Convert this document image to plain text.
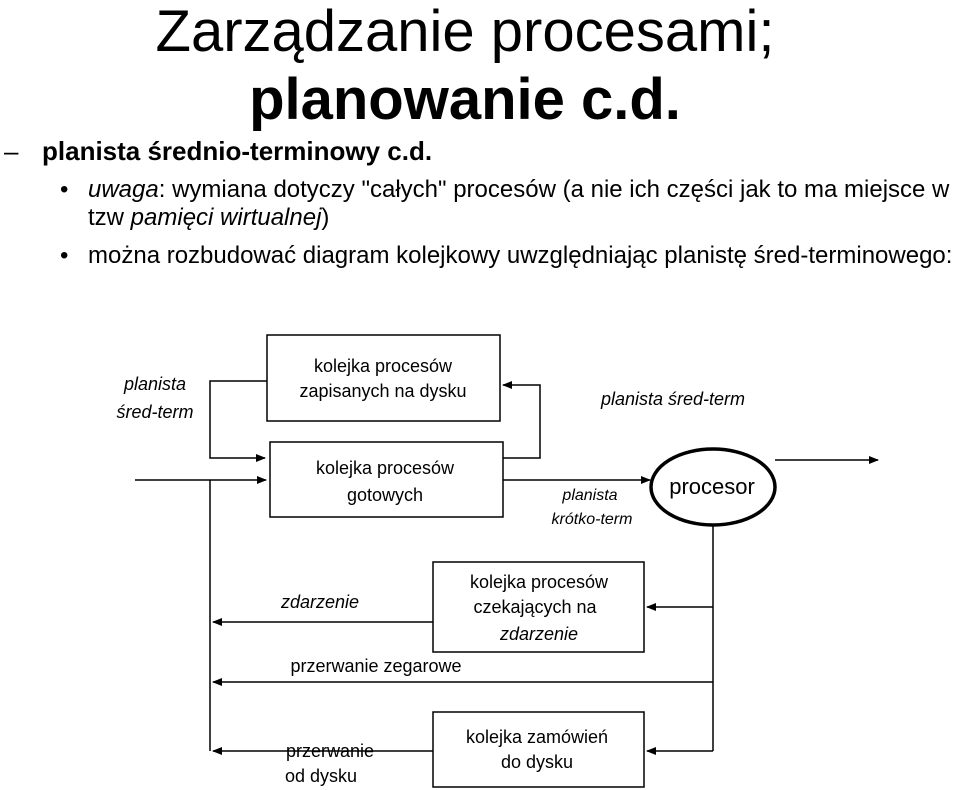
Zarządzanie procesami;
planowanie c.d.
– planista średnio-terminowy c.d.
• uwaga: wymiana dotyczy "całych" procesów (a nie ich części jak to ma miejsce w tzw pamięci wirtualnej)
• można rozbudować diagram kolejkowy uwzględniając planistę śred-terminowego:
planista
śred-term
kolejka procesów
zapisanych na dysku	planista śred-term
kolejka procesów
gotowych	planista
krótko-term
procesor
zdarzenie
kolejka procesów
czekających na
zdarzenie
przerwanie zegarowe
przerwanie
od dysku
kolejka zamówień
do dysku
